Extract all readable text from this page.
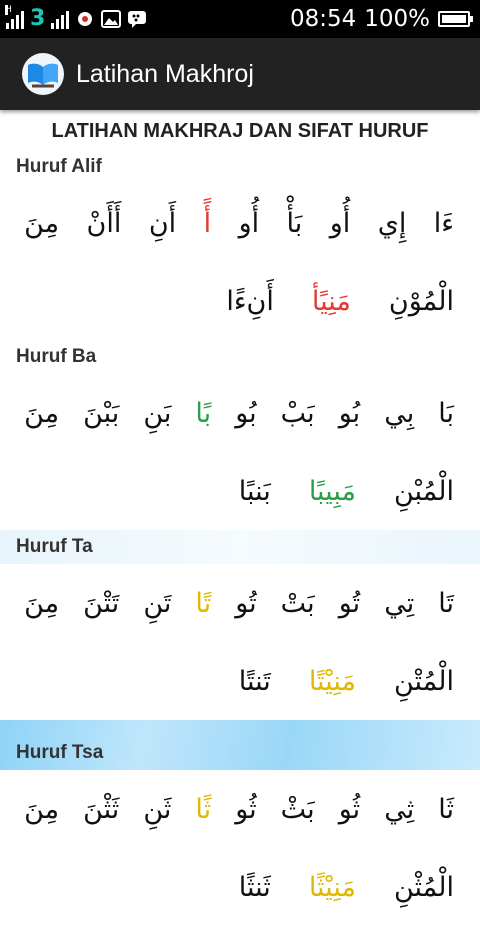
H 3	08:54 100%
Latihan Makhroj
LATIHAN MAKHRAJ DAN SIFAT HURUF
Huruf Alif
ءَا
إِي
أُو
بَأْ
أُو
أً
أَنِ
أَأَنْ
مِنَ
الْمُوْنِ
مَنِيًأ
أَنِءًا
Huruf Ba
بَا
بِي
بُو
بَبْ
بُو
بًا
بَنِ
بَبْنَ
مِنَ
الْمُبْنِ
مَبِيبًا
بَنبًا
Huruf Ta
تَا
تِي
تُو
بَتْ
تُو
تًا
تَنِ
تَتْنَ
مِنَ
الْمُتْنِ
مَنِيْتًا
تَنتًا
Huruf Tsa
ثَا
ثِي
ثُو
بَثْ
ثُو
ثًا
ثَنِ
ثَثْنَ
مِنَ
الْمُثْنِ
مَنِيْثًا
ثَنثًا
